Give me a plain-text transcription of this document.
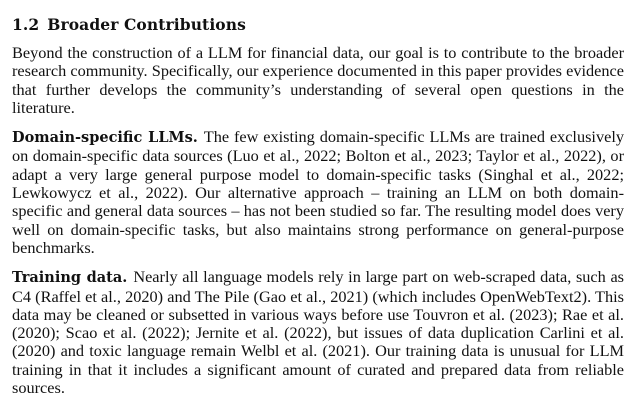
1.2 Broader Contributions

Beyond the construction of a LLM for financial data, our goal is to contribute to the broader research community. Specifically, our experience documented in this paper provides evidence that further develops the community’s understanding of several open questions in the literature.

Domain-specific LLMs. The few existing domain-specific LLMs are trained exclusively on domain-specific data sources (Luo et al., 2022; Bolton et al., 2023; Taylor et al., 2022), or adapt a very large general purpose model to domain-specific tasks (Singhal et al., 2022; Lewkowycz et al., 2022). Our alternative approach – training an LLM on both domain-specific and general data sources – has not been studied so far. The resulting model does very well on domain-specific tasks, but also maintains strong performance on general-purpose benchmarks.

Training data. Nearly all language models rely in large part on web-scraped data, such as C4 (Raffel et al., 2020) and The Pile (Gao et al., 2021) (which includes OpenWebText2). This data may be cleaned or subsetted in various ways before use Touvron et al. (2023); Rae et al. (2020); Scao et al. (2022); Jernite et al. (2022), but issues of data duplication Carlini et al. (2020) and toxic language remain Welbl et al. (2021). Our training data is unusual for LLM training in that it includes a significant amount of curated and prepared data from reliable sources.
